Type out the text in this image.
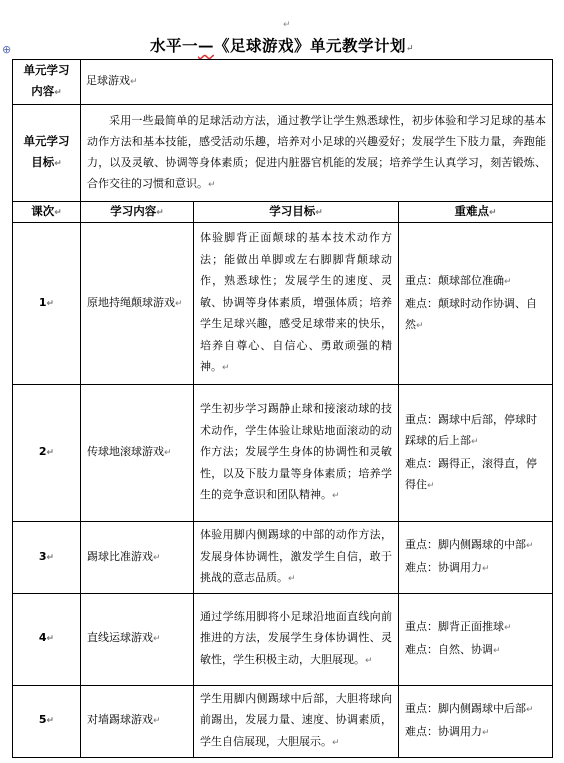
↵
⊕	水平一—《足球游戏》单元教学计划↵
单元学习
内容↵	足球游戏↵		
单元学习
目标↵	采用一些最简单的足球活动方法，通过教学让学生熟悉球性，初步体验和学习足球的基本动作方法和基本技能，感受活动乐趣，培养对小足球的兴趣爱好；发展学生下肢力量，奔跑能力，以及灵敏、协调等身体素质；促进内脏器官机能的发展；培养学生认真学习，刻苦锻炼、合作交往的习惯和意识。↵		
课次↵	学习内容↵	学习目标↵	重难点↵
1↵	原地持绳颠球游戏↵	体验脚背正面颠球的基本技术动作方法；能做出单脚或左右脚脚背颠球动作，熟悉球性；发展学生的速度、灵敏、协调等身体素质，增强体质；培养学生足球兴趣，感受足球带来的快乐，培养自尊心、自信心、勇敢顽强的精神。↵	重点：颠球部位准确↵
难点：颠球时动作协调、自然↵
2↵	传球地滚球游戏↵	学生初步学习踢静止球和接滚动球的技术动作，学生体验让球贴地面滚动的动作方法；发展学生身体的协调性和灵敏性，以及下肢力量等身体素质；培养学生的竞争意识和团队精神。↵	重点：踢球中后部，停球时踩球的后上部↵
难点：踢得正，滚得直，停得住↵
3↵	踢球比准游戏↵	体验用脚内侧踢球的中部的动作方法，发展身体协调性，激发学生自信，敢于挑战的意志品质。↵	重点：脚内侧踢球的中部↵
难点：协调用力↵
4↵	直线运球游戏↵	通过学练用脚将小足球沿地面直线向前推进的方法，发展学生身体协调性、灵敏性，学生积极主动，大胆展现。↵	重点：脚背正面推球↵
难点：自然、协调↵
5↵	对墙踢球游戏↵	学生用脚内侧踢球中后部，大胆将球向前踢出，发展力量、速度、协调素质，学生自信展现，大胆展示。↵	重点：脚内侧踢球中后部↵
难点：协调用力↵
